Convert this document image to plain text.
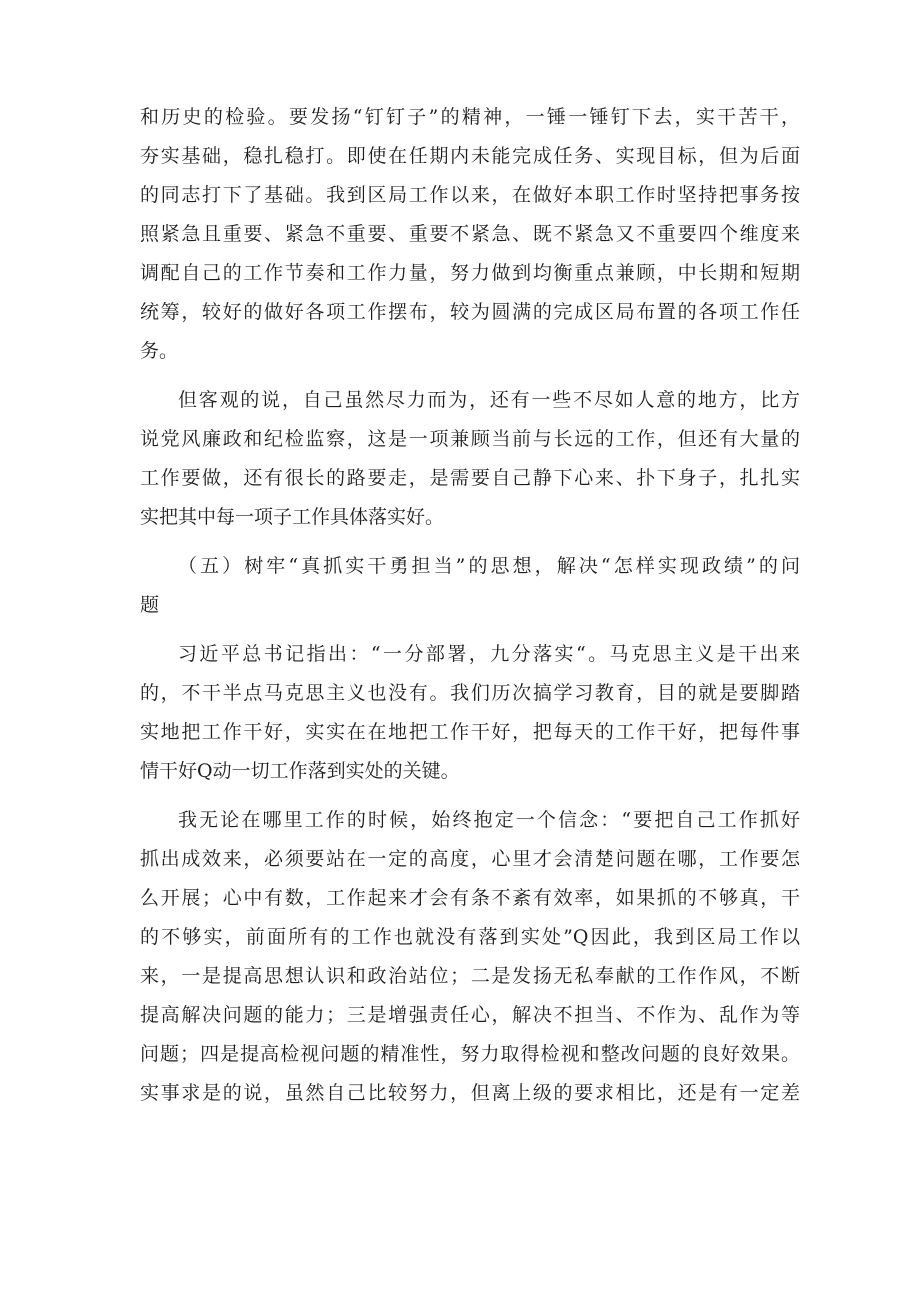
和历史的检验。要发扬“钉钉子”的精神，一锤一锤钉下去，实干苦干，
夯实基础，稳扎稳打。即使在任期内未能完成任务、实现目标，但为后面
的同志打下了基础。我到区局工作以来，在做好本职工作时坚持把事务按
照紧急且重要、紧急不重要、重要不紧急、既不紧急又不重要四个维度来
调配自己的工作节奏和工作力量，努力做到均衡重点兼顾，中长期和短期
统筹，较好的做好各项工作摆布，较为圆满的完成区局布置的各项工作任
务。
但客观的说，自己虽然尽力而为，还有一些不尽如人意的地方，比方
说党风廉政和纪检监察，这是一项兼顾当前与长远的工作，但还有大量的
工作要做，还有很长的路要走，是需要自己静下心来、扑下身子，扎扎实
实把其中每一项子工作具体落实好。
（五）树牢“真抓实干勇担当”的思想，解决“怎样实现政绩”的问
题
习近平总书记指出：“一分部署，九分落实“。马克思主义是干出来
的，不干半点马克思主义也没有。我们历次搞学习教育，目的就是要脚踏
实地把工作干好，实实在在地把工作干好，把每天的工作干好，把每件事
情干好Q动一切工作落到实处的关键。
我无论在哪里工作的时候，始终抱定一个信念：“要把自己工作抓好
抓出成效来，必须要站在一定的高度，心里才会清楚问题在哪，工作要怎
么开展；心中有数，工作起来才会有条不紊有效率，如果抓的不够真，干
的不够实，前面所有的工作也就没有落到实处”Q因此，我到区局工作以
来，一是提高思想认识和政治站位；二是发扬无私奉献的工作作风，不断
提高解决问题的能力；三是增强责任心，解决不担当、不作为、乱作为等
问题；四是提高检视问题的精准性，努力取得检视和整改问题的良好效果。
实事求是的说，虽然自己比较努力，但离上级的要求相比，还是有一定差
